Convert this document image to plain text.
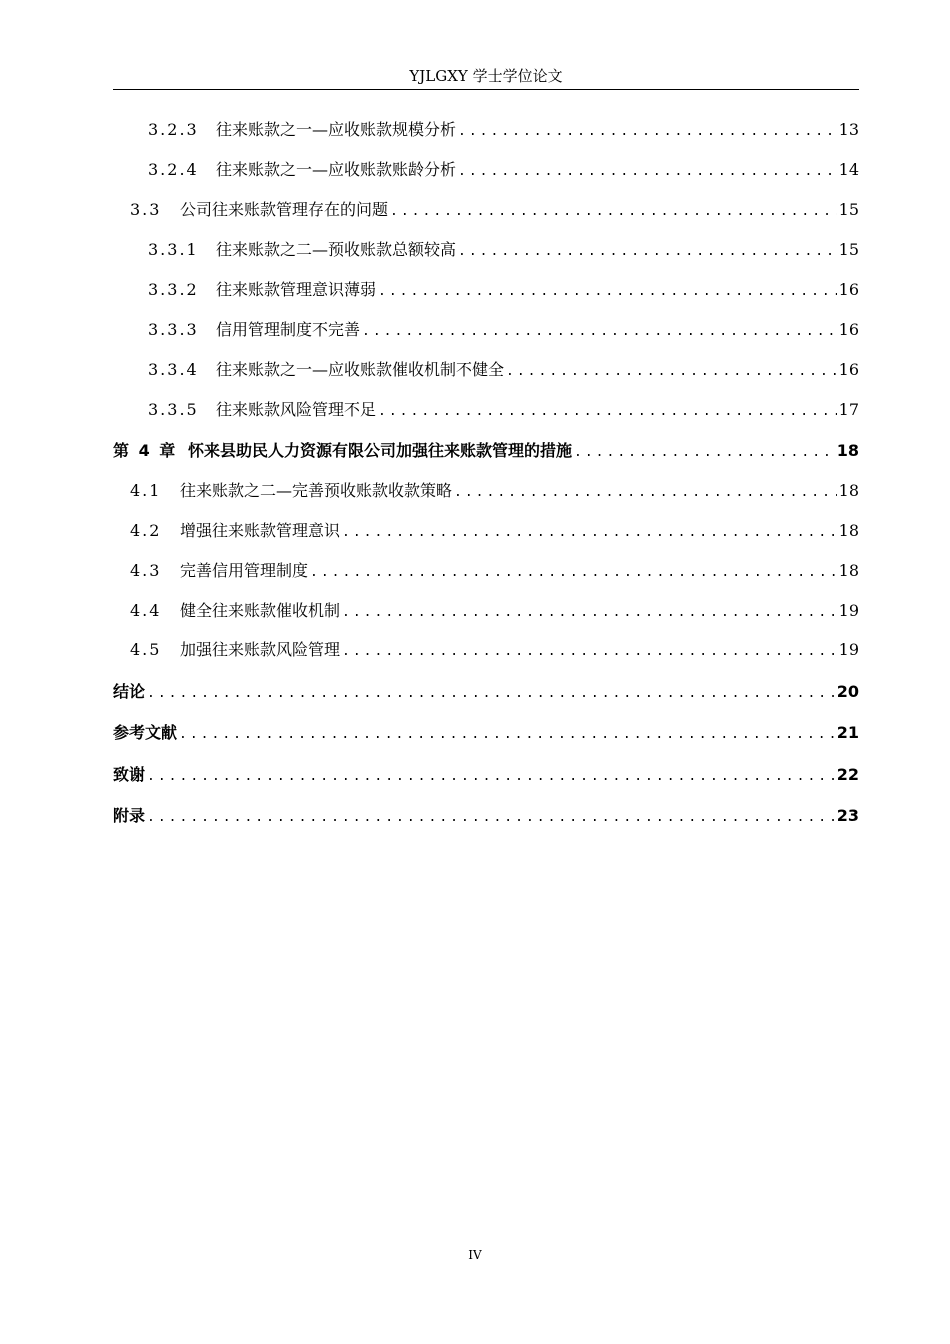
YJLGXY 学士学位论文
3.2.3	往来账款之一—应收账款规模分析 .....	13
3.2.4	往来账款之一—应收账款账龄分析 .....	14
3.3	公司往来账款管理存在的问题 .....	15
3.3.1	往来账款之二—预收账款总额较高 .....	15
3.3.2	往来账款管理意识薄弱 .....	16
3.3.3	信用管理制度不完善 .....	16
3.3.4	往来账款之一—应收账款催收机制不健全 .....	16
3.3.5	往来账款风险管理不足 .....	17
第 4 章 怀来县助民人力资源有限公司加强往来账款管理的措施 .....	18
4.1	往来账款之二—完善预收账款收款策略 .....	18
4.2	增强往来账款管理意识 .....	18
4.3	完善信用管理制度 .....	18
4.4	健全往来账款催收机制 .....	19
4.5	加强往来账款风险管理 .....	19
结论 .....	20
参考文献 .....	21
致谢 .....	22
附录 .....	23
IV
